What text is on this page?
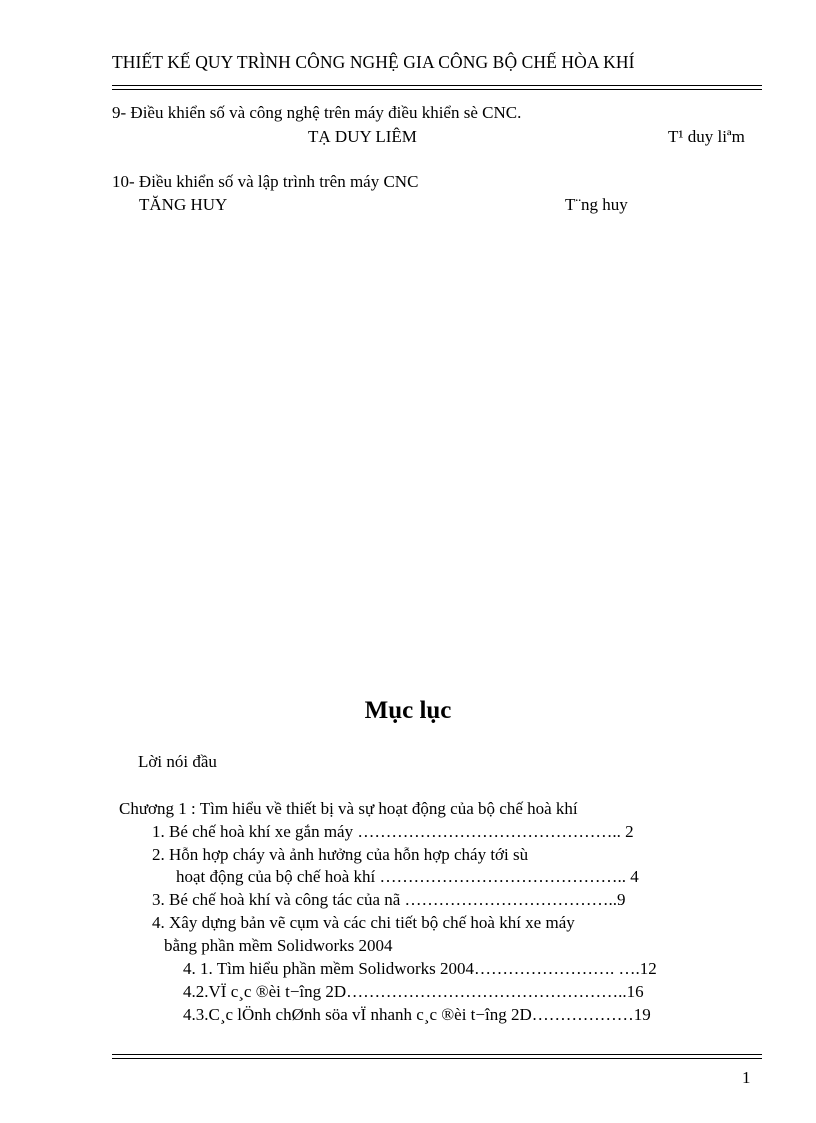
THIẾT KẾ QUY TRÌNH CÔNG NGHỆ GIA CÔNG BỘ CHẾ HÒA KHÍ
9- Điều khiển số và công nghệ trên máy điều khiển sè CNC.
TẠ DUY LIÊM	T¹ duy liªm
10- Điều khiển số và lập trình trên máy CNC
TĂNG HUY	T¨ng huy
Mục lục
Lời nói đầu
Chương 1 : Tìm hiểu về thiết bị và sự hoạt động của bộ chế hoà khí
1. Bé chế hoà khí xe gắn máy ……………………………………….. 2
2. Hỗn hợp cháy và ảnh hưởng của hỗn hợp cháy tới sù
hoạt động của bộ chế hoà khí …………………………………….. 4
3. Bé chế hoà khí và công tác của nã ………………………………..9
4. Xây dựng bản vẽ cụm và các chi tiết bộ chế hoà khí xe máy
bằng phần mềm Solidworks 2004
4. 1. Tìm hiểu phần mềm Solidworks 2004……………………. ….12
4.2.VÏ c¸c ®èi t−îng 2D…………………………………………..16
4.3.C¸c lÖnh chØnh söa vÏ nhanh c¸c ®èi t−îng 2D………………19
1
